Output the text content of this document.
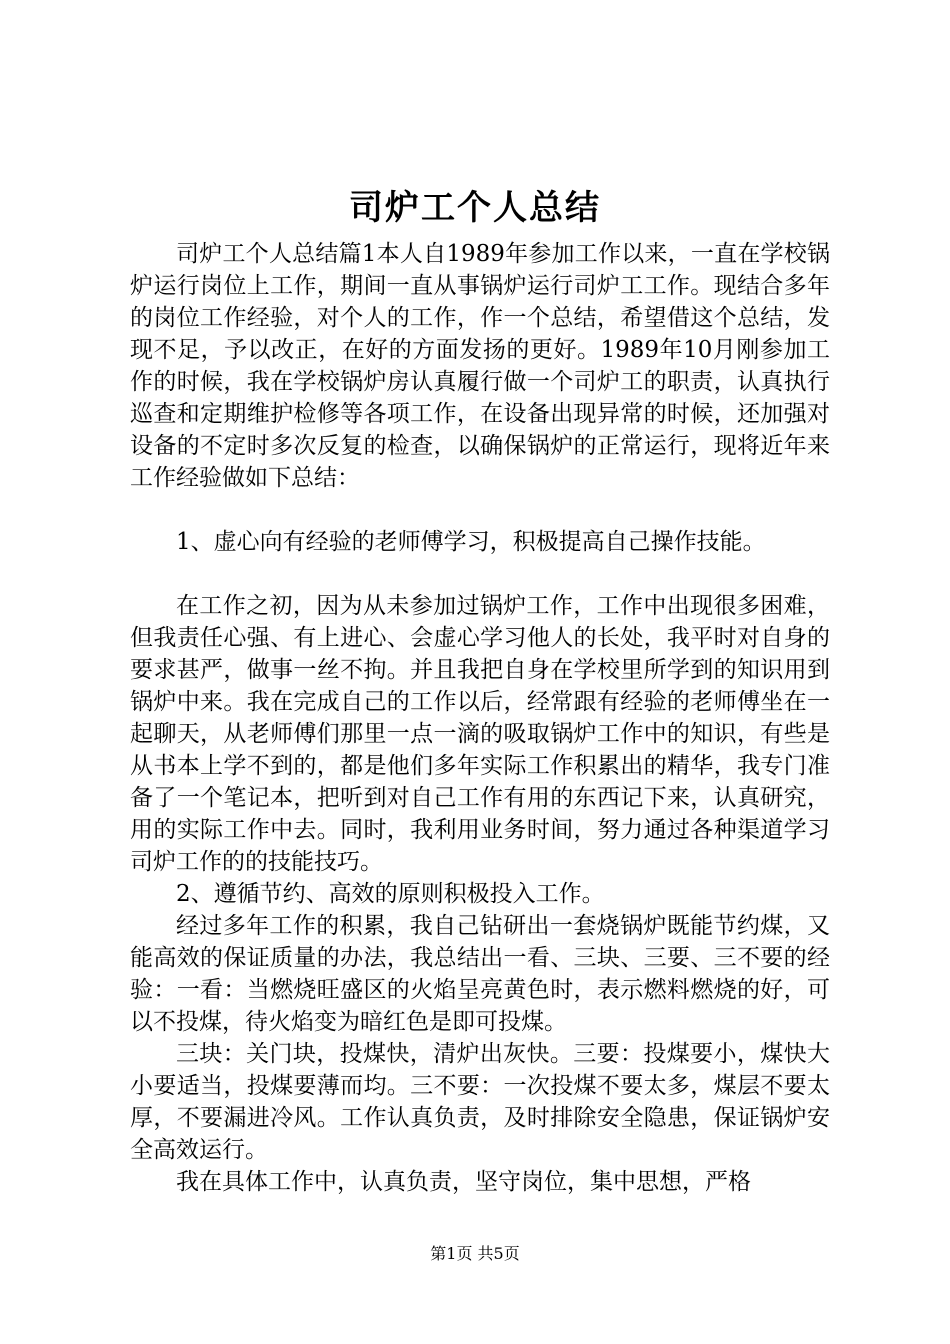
司炉工个人总结

司炉工个人总结篇1本人自1989年参加工作以来，一直在学校锅炉运行岗位上工作，期间一直从事锅炉运行司炉工工作。现结合多年的岗位工作经验，对个人的工作，作一个总结，希望借这个总结，发现不足，予以改正，在好的方面发扬的更好。1989年10月刚参加工作的时候，我在学校锅炉房认真履行做一个司炉工的职责，认真执行巡查和定期维护检修等各项工作，在设备出现异常的时候，还加强对设备的不定时多次反复的检查，以确保锅炉的正常运行，现将近年来工作经验做如下总结：

1、虚心向有经验的老师傅学习，积极提高自己操作技能。

在工作之初，因为从未参加过锅炉工作，工作中出现很多困难，但我责任心强、有上进心、会虚心学习他人的长处，我平时对自身的要求甚严，做事一丝不拘。并且我把自身在学校里所学到的知识用到锅炉中来。我在完成自己的工作以后，经常跟有经验的老师傅坐在一起聊天，从老师傅们那里一点一滴的吸取锅炉工作中的知识，有些是从书本上学不到的，都是他们多年实际工作积累出的精华，我专门准备了一个笔记本，把听到对自己工作有用的东西记下来，认真研究，用的实际工作中去。同时，我利用业务时间，努力通过各种渠道学习司炉工作的的技能技巧。

2、遵循节约、高效的原则积极投入工作。

经过多年工作的积累，我自己钻研出一套烧锅炉既能节约煤，又能高效的保证质量的办法，我总结出一看、三块、三要、三不要的经验：一看：当燃烧旺盛区的火焰呈亮黄色时，表示燃料燃烧的好，可以不投煤，待火焰变为暗红色是即可投煤。

三块：关门块，投煤快，清炉出灰快。三要：投煤要小，煤快大小要适当，投煤要薄而均。三不要：一次投煤不要太多，煤层不要太厚，不要漏进冷风。工作认真负责，及时排除安全隐患，保证锅炉安全高效运行。

我在具体工作中，认真负责，坚守岗位，集中思想，严格

第1页 共5页
